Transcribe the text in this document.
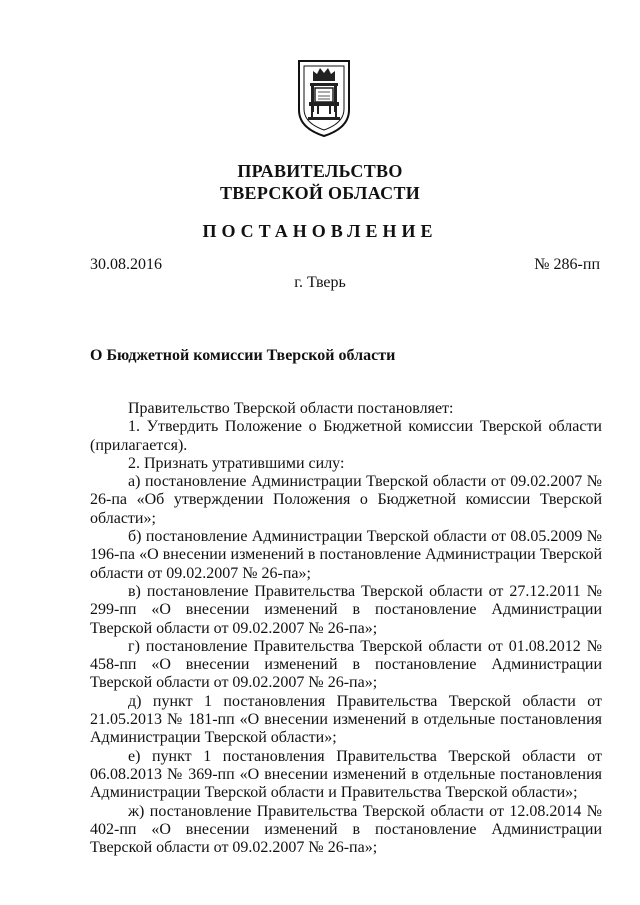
ПРАВИТЕЛЬСТВО
ТВЕРСКОЙ ОБЛАСТИ
ПОСТАНОВЛЕНИЕ
30.08.2016	№ 286-пп
г. Тверь
О Бюджетной комиссии Тверской области

Правительство Тверской области постановляет:

1. Утвердить Положение о Бюджетной комиссии Тверской области (прилагается).

2. Признать утратившими силу:

а) постановление Администрации Тверской области от 09.02.2007 № 26-па «Об утверждении Положения о Бюджетной комиссии Тверской области»;

б) постановление Администрации Тверской области от 08.05.2009 № 196-па «О внесении изменений в постановление Администрации Тверской области от 09.02.2007 № 26-па»;

в) постановление Правительства Тверской области от 27.12.2011 № 299-пп «О внесении изменений в постановление Администрации Тверской области от 09.02.2007 № 26-па»;

г) постановление Правительства Тверской области от 01.08.2012 № 458-пп «О внесении изменений в постановление Администрации Тверской области от 09.02.2007 № 26-па»;

д) пункт 1 постановления Правительства Тверской области от 21.05.2013 № 181-пп «О внесении изменений в отдельные постановления Администрации Тверской области»;

е) пункт 1 постановления Правительства Тверской области от 06.08.2013 № 369-пп «О внесении изменений в отдельные постановления Администрации Тверской области и Правительства Тверской области»;

ж) постановление Правительства Тверской области от 12.08.2014 № 402-пп «О внесении изменений в постановление Администрации Тверской области от 09.02.2007 № 26-па»;
